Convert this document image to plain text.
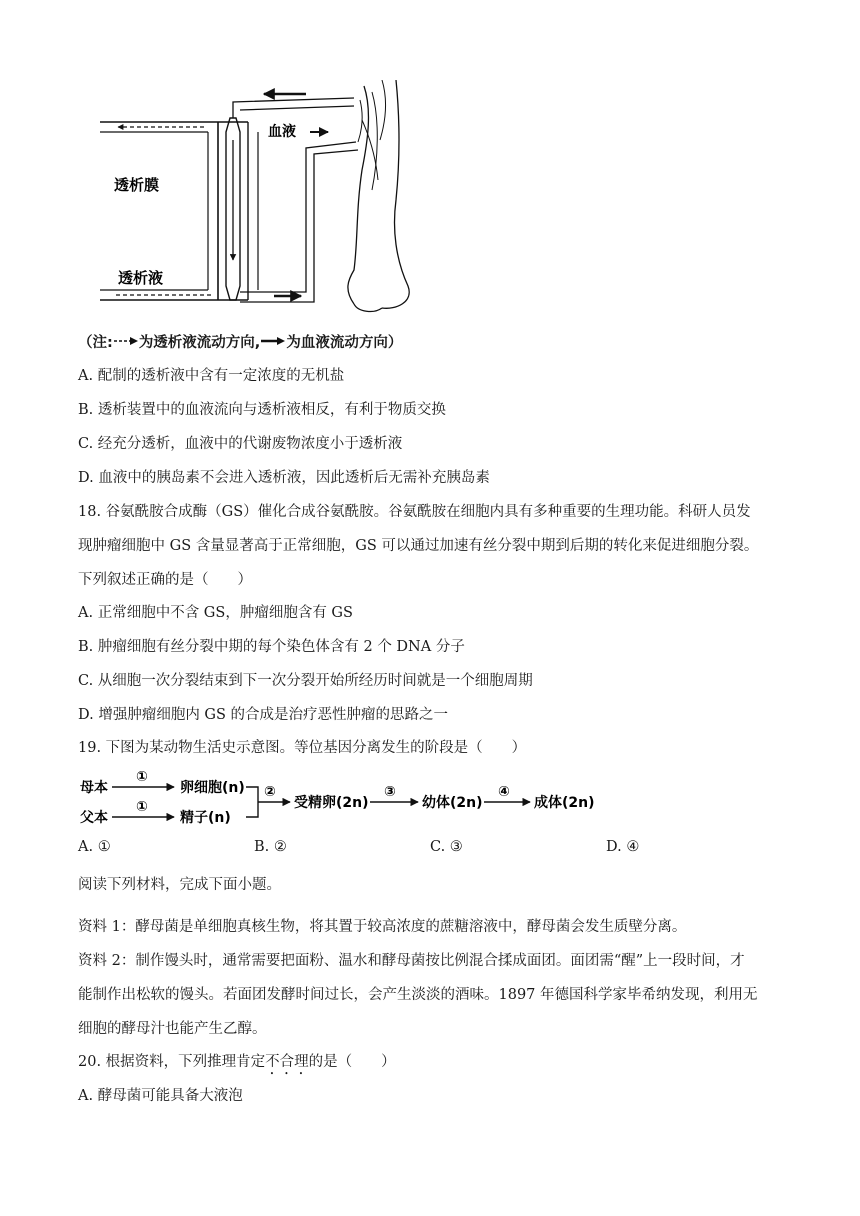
血液
透析膜
透析液
（注: 为透析液流动方向, 为血液流动方向）
A. 配制的透析液中含有一定浓度的无机盐
B. 透析装置中的血液流向与透析液相反，有利于物质交换
C. 经充分透析，血液中的代谢废物浓度小于透析液
D. 血液中的胰岛素不会进入透析液，因此透析后无需补充胰岛素
18. 谷氨酰胺合成酶（GS）催化合成谷氨酰胺。谷氨酰胺在细胞内具有多种重要的生理功能。科研人员发
现肿瘤细胞中 GS 含量显著高于正常细胞，GS 可以通过加速有丝分裂中期到后期的转化来促进细胞分裂。
下列叙述正确的是（　　）
A. 正常细胞中不含 GS，肿瘤细胞含有 GS
B. 肿瘤细胞有丝分裂中期的每个染色体含有 2 个 DNA 分子
C. 从细胞一次分裂结束到下一次分裂开始所经历时间就是一个细胞周期
D. 增强肿瘤细胞内 GS 的合成是治疗恶性肿瘤的思路之一
19. 下图为某动物生活史示意图。等位基因分离发生的阶段是（　　）
母本
父本
①
①
卵细胞(n)
精子(n)
②
受精卵(2n)
③
幼体(2n)
④
成体(2n)
A. ①	B. ②	C. ③	D. ④
阅读下列材料，完成下面小题。
资料 1：酵母菌是单细胞真核生物，将其置于较高浓度的蔗糖溶液中，酵母菌会发生质壁分离。
资料 2：制作馒头时，通常需要把面粉、温水和酵母菌按比例混合揉成面团。面团需“醒”上一段时间，才
能制作出松软的馒头。若面团发酵时间过长，会产生淡淡的酒味。1897 年德国科学家毕希纳发现，利用无
细胞的酵母汁也能产生乙醇。
20. 根据资料，下列推理肯定不合理的是（　　）
A. 酵母菌可能具备大液泡
